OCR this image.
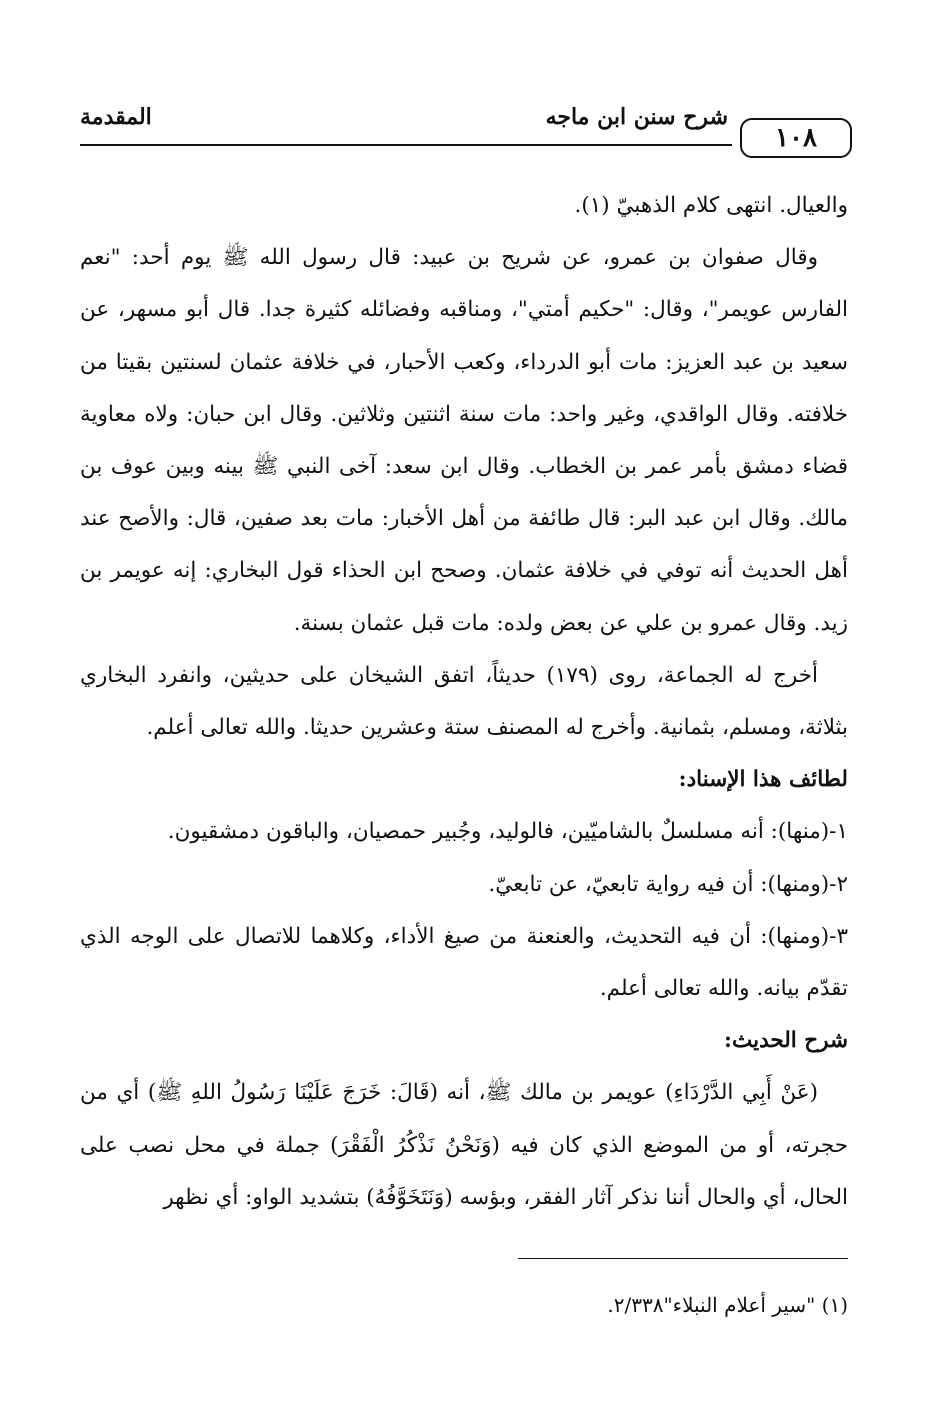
١٠٨
شرح سنن ابن ماجه
المقدمة

والعيال. انتهى كلام الذهبيّ (١).

وقال صفوان بن عمرو، عن شريح بن عبيد: قال رسول الله ﷺ يوم أحد: "نعم الفارس عويمر"، وقال: "حكيم أمتي"، ومناقبه وفضائله كثيرة جدا. قال أبو مسهر، عن سعيد بن عبد العزيز: مات أبو الدرداء، وكعب الأحبار، في خلافة عثمان لسنتين بقيتا من خلافته. وقال الواقدي، وغير واحد: مات سنة اثنتين وثلاثين. وقال ابن حبان: ولاه معاوية قضاء دمشق بأمر عمر بن الخطاب. وقال ابن سعد: آخى النبي ﷺ بينه وبين عوف بن مالك. وقال ابن عبد البر: قال طائفة من أهل الأخبار: مات بعد صفين، قال: والأصح عند أهل الحديث أنه توفي في خلافة عثمان. وصحح ابن الحذاء قول البخاري: إنه عويمر بن زيد. وقال عمرو بن علي عن بعض ولده: مات قبل عثمان بسنة.

أخرج له الجماعة، روى (١٧٩) حديثاً، اتفق الشيخان على حديثين، وانفرد البخاري بثلاثة، ومسلم، بثمانية. وأخرج له المصنف ستة وعشرين حديثا. والله تعالى أعلم.

لطائف هذا الإسناد:

١-(منها): أنه مسلسلٌ بالشاميّين، فالوليد، وجُبير حمصيان، والباقون دمشقيون.

٢-(ومنها): أن فيه رواية تابعيّ، عن تابعيّ.

٣-(ومنها): أن فيه التحديث، والعنعنة من صيغ الأداء، وكلاهما للاتصال على الوجه الذي تقدّم بيانه. والله تعالى أعلم.

شرح الحديث:

(عَنْ أَبِي الدَّرْدَاءِ) عويمر بن مالك ﷺ، أنه (قَالَ: خَرَجَ عَلَيْنَا رَسُولُ اللهِ ﷺ) أي من حجرته، أو من الموضع الذي كان فيه (وَنَحْنُ نَذْكُرُ الْفَقْرَ) جملة في محل نصب على الحال، أي والحال أننا نذكر آثار الفقر، وبؤسه (وَنَتَخَوَّفُهُ) بتشديد الواو: أي نظهر

(١) "سير أعلام النبلاء"٢/٣٣٨.
